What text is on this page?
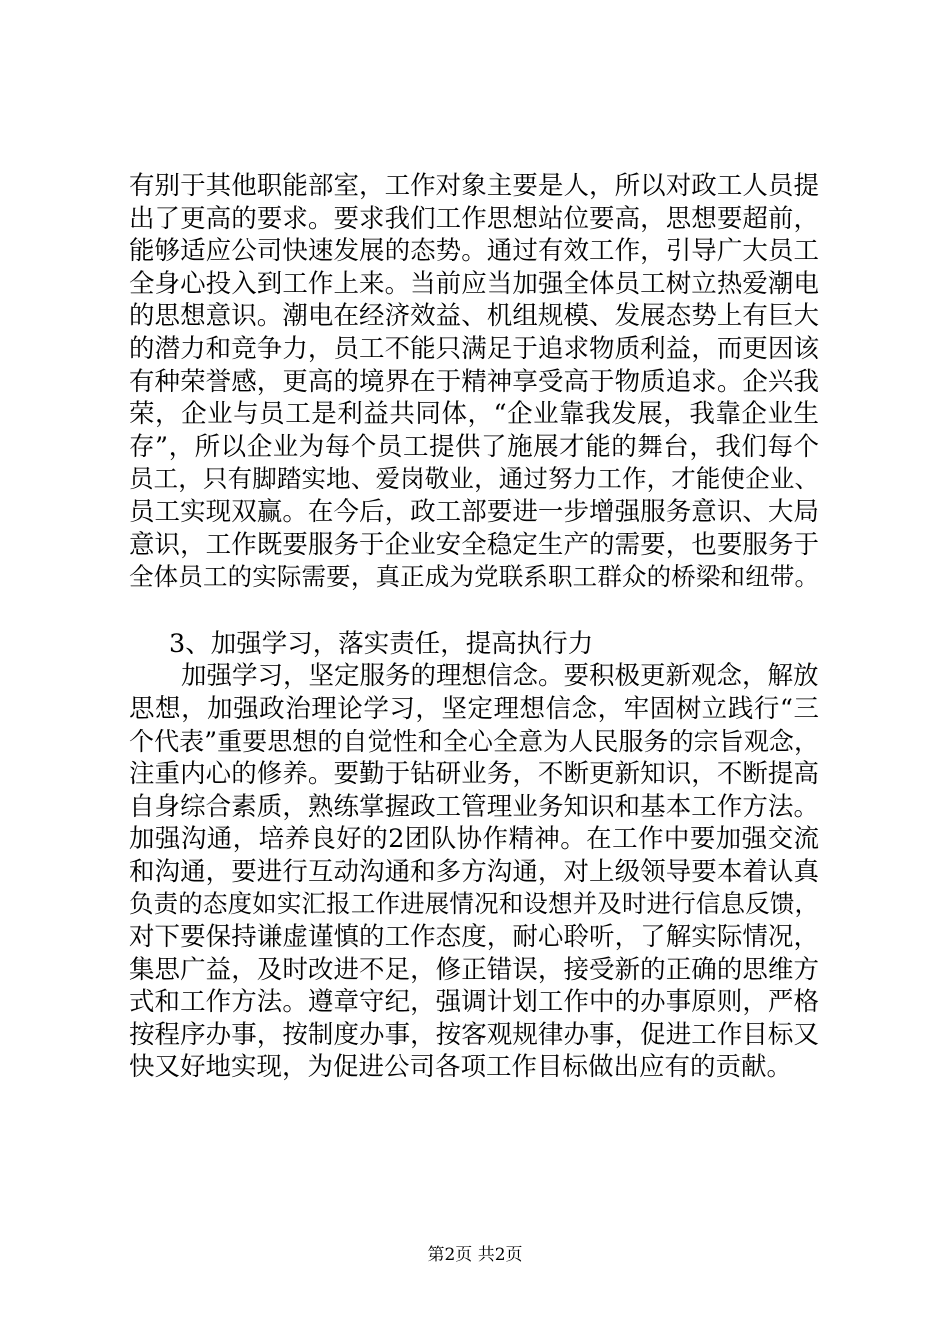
有别于其他职能部室，工作对象主要是人，所以对政工人员提
出了更高的要求。要求我们工作思想站位要高，思想要超前，
能够适应公司快速发展的态势。通过有效工作，引导广大员工
全身心投入到工作上来。当前应当加强全体员工树立热爱潮电
的思想意识。潮电在经济效益、机组规模、发展态势上有巨大
的潜力和竞争力，员工不能只满足于追求物质利益，而更因该
有种荣誉感，更高的境界在于精神享受高于物质追求。企兴我
荣，企业与员工是利益共同体，“企业靠我发展，我靠企业生
存”，所以企业为每个员工提供了施展才能的舞台，我们每个
员工，只有脚踏实地、爱岗敬业，通过努力工作，才能使企业、
员工实现双赢。在今后，政工部要进一步增强服务意识、大局
意识，工作既要服务于企业安全稳定生产的需要，也要服务于
全体员工的实际需要，真正成为党联系职工群众的桥梁和纽带。
3、加强学习，落实责任，提高执行力
加强学习，坚定服务的理想信念。要积极更新观念，解放
思想，加强政治理论学习，坚定理想信念，牢固树立践行“三
个代表”重要思想的自觉性和全心全意为人民服务的宗旨观念，
注重内心的修养。要勤于钻研业务，不断更新知识，不断提高
自身综合素质，熟练掌握政工管理业务知识和基本工作方法。
加强沟通，培养良好的2团队协作精神。在工作中要加强交流
和沟通，要进行互动沟通和多方沟通，对上级领导要本着认真
负责的态度如实汇报工作进展情况和设想并及时进行信息反馈，
对下要保持谦虚谨慎的工作态度，耐心聆听，了解实际情况，
集思广益，及时改进不足，修正错误，接受新的正确的思维方
式和工作方法。遵章守纪，强调计划工作中的办事原则，严格
按程序办事，按制度办事，按客观规律办事，促进工作目标又
快又好地实现，为促进公司各项工作目标做出应有的贡献。
第2页 共2页
